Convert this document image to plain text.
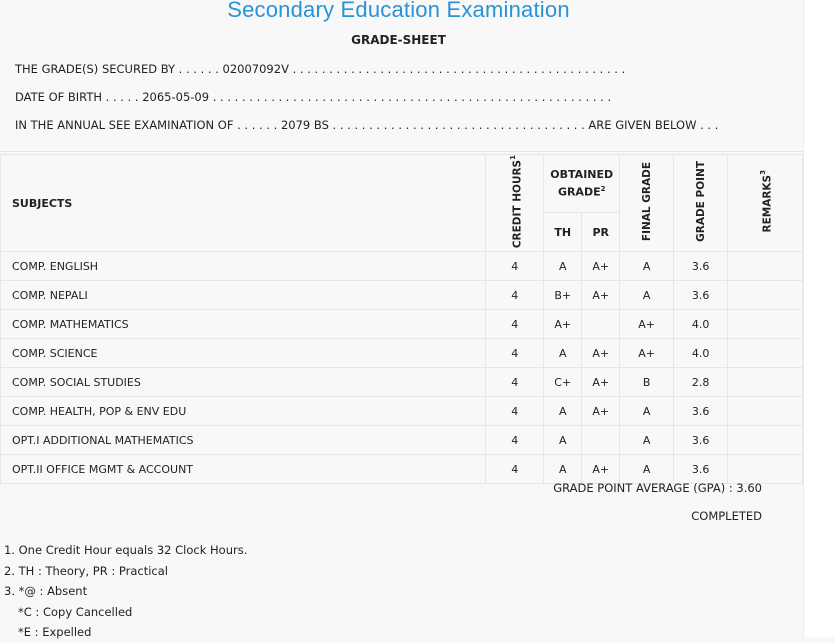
Secondary Education Examination
GRADE-SHEET
THE GRADE(S) SECURED BY . . . . . . 02007092V . . . . . . . . . . . . . . . . . . . . . . . . . . . . . . . . . . . . . . . . . . . . . .
DATE OF BIRTH . . . . . 2065-05-09 . . . . . . . . . . . . . . . . . . . . . . . . . . . . . . . . . . . . . . . . . . . . . . . . . . . . . . .
IN THE ANNUAL SEE EXAMINATION OF . . . . . . 2079 BS . . . . . . . . . . . . . . . . . . . . . . . . . . . . . . . . . . . ARE GIVEN BELOW . . .
SUBJECTS	CREDIT HOURS$^1$	OBTAINED GRADE$^2$		FINAL GRADE	GRADE POINT	REMARKS$^3$
		TH	PR			
COMP. ENGLISH	4	A	A+	A	3.6	
COMP. NEPALI	4	B+	A+	A	3.6	
COMP. MATHEMATICS	4	A+		A+	4.0	
COMP. SCIENCE	4	A	A+	A+	4.0	
COMP. SOCIAL STUDIES	4	C+	A+	B	2.8	
COMP. HEALTH, POP & ENV EDU	4	A	A+	A	3.6	
OPT.I ADDITIONAL MATHEMATICS	4	A		A	3.6	
OPT.II OFFICE MGMT & ACCOUNT	4	A	A+	A	3.6	
GRADE POINT AVERAGE (GPA) : 3.60
COMPLETED
1. One Credit Hour equals 32 Clock Hours.
2. TH : Theory, PR : Practical
3. *@ : Absent
*C : Copy Cancelled
*E : Expelled
